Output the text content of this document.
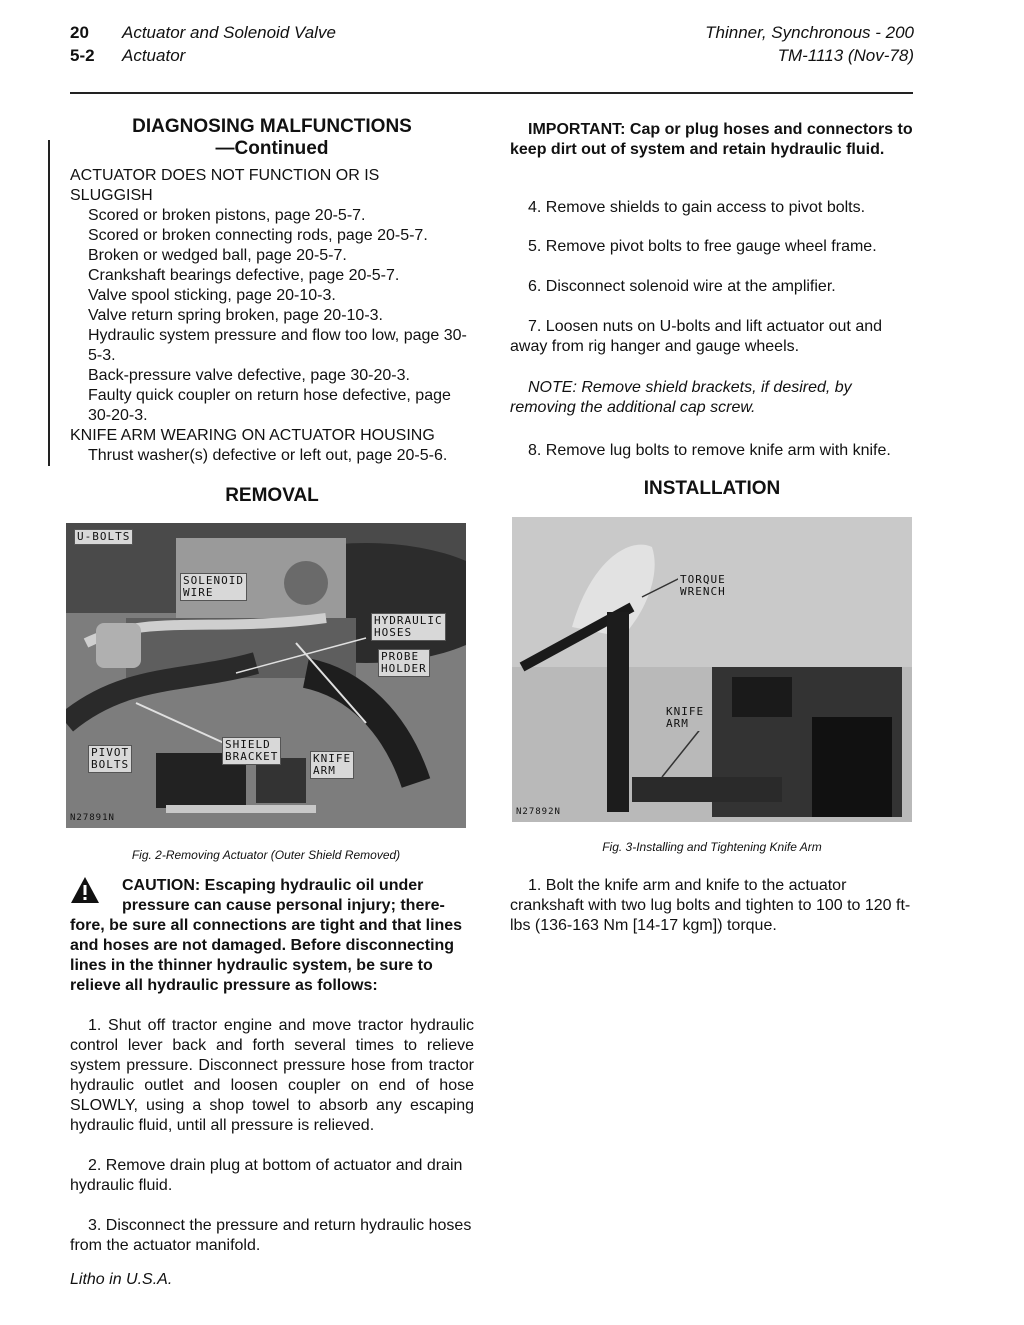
20 Actuator and Solenoid Valve
5-2 Actuator
Thinner, Synchronous - 200
TM-1113 (Nov-78)
DIAGNOSING MALFUNCTIONS
—Continued
ACTUATOR DOES NOT FUNCTION OR IS
SLUGGISH
Scored or broken pistons, page 20-5-7.
Scored or broken connecting rods, page 20-5-7.
Broken or wedged ball, page 20-5-7.
Crankshaft bearings defective, page 20-5-7.
Valve spool sticking, page 20-10-3.
Valve return spring broken, page 20-10-3.
Hydraulic system pressure and flow too low, page 30-5-3.
Back-pressure valve defective, page 30-20-3.
Faulty quick coupler on return hose defective, page 30-20-3.
KNIFE ARM WEARING ON ACTUATOR HOUSING
Thrust washer(s) defective or left out, page 20-5-6.
REMOVAL
U-BOLTS
SOLENOID
WIRE
HYDRAULIC
HOSES
PROBE
HOLDER
PIVOT
BOLTS
SHIELD
BRACKET	KNIFE
ARM
N27891N
Fig. 2-Removing Actuator (Outer Shield Removed)
CAUTION: Escaping hydraulic oil under
pressure can cause personal injury; there-
fore, be sure all connections are tight and that lines
and hoses are not damaged. Before disconnecting
lines in the thinner hydraulic system, be sure to
relieve all hydraulic pressure as follows:
1. Shut off tractor engine and move tractor hydraulic control lever back and forth several times to relieve system pressure. Disconnect pressure hose from tractor hydraulic outlet and loosen coupler on end of hose SLOWLY, using a shop towel to absorb any escaping hydraulic fluid, until all pressure is relieved.
2. Remove drain plug at bottom of actuator and drain hydraulic fluid.
3. Disconnect the pressure and return hydraulic hoses from the actuator manifold.
Litho in U.S.A.
IMPORTANT: Cap or plug hoses and connectors to keep dirt out of system and retain hydraulic fluid.
4. Remove shields to gain access to pivot bolts.
5. Remove pivot bolts to free gauge wheel frame.
6. Disconnect solenoid wire at the amplifier.
7. Loosen nuts on U-bolts and lift actuator out and away from rig hanger and gauge wheels.
NOTE: Remove shield brackets, if desired, by removing the additional cap screw.
8. Remove lug bolts to remove knife arm with knife.
INSTALLATION
TORQUE
WRENCH
KNIFE
ARM
N27892N
Fig. 3-Installing and Tightening Knife Arm
1. Bolt the knife arm and knife to the actuator crankshaft with two lug bolts and tighten to 100 to 120 ft-lbs (136-163 Nm [14-17 kgm]) torque.
